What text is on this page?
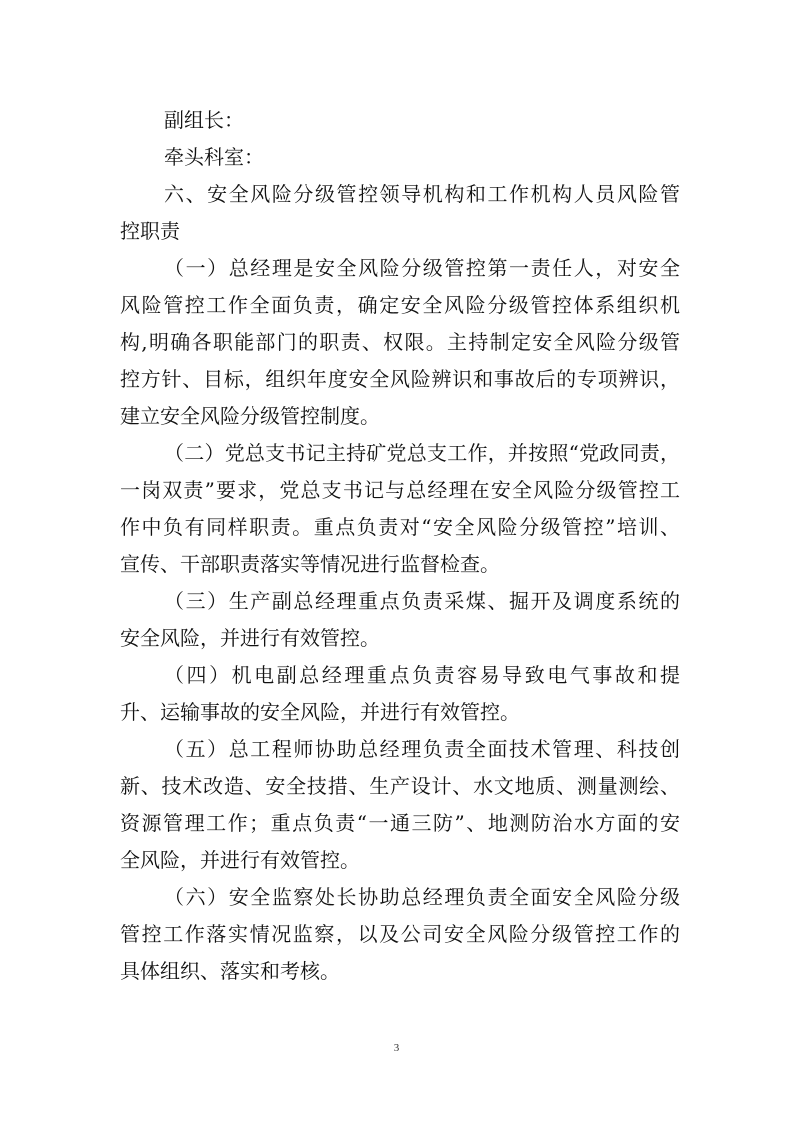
副组长：
牵头科室：
六、安全风险分级管控领导机构和工作机构人员风险管
控职责
（一）总经理是安全风险分级管控第一责任人，对安全
风险管控工作全面负责，确定安全风险分级管控体系组织机
构,明确各职能部门的职责、权限。主持制定安全风险分级管
控方针、目标，组织年度安全风险辨识和事故后的专项辨识，
建立安全风险分级管控制度。
（二）党总支书记主持矿党总支工作，并按照“党政同责，
一岗双责”要求，党总支书记与总经理在安全风险分级管控工
作中负有同样职责。重点负责对“安全风险分级管控”培训、
宣传、干部职责落实等情况进行监督检查。
（三）生产副总经理重点负责采煤、掘开及调度系统的
安全风险，并进行有效管控。
（四）机电副总经理重点负责容易导致电气事故和提
升、运输事故的安全风险，并进行有效管控。
（五）总工程师协助总经理负责全面技术管理、科技创
新、技术改造、安全技措、生产设计、水文地质、测量测绘、
资源管理工作；重点负责“一通三防”、地测防治水方面的安
全风险，并进行有效管控。
（六）安全监察处长协助总经理负责全面安全风险分级
管控工作落实情况监察，以及公司安全风险分级管控工作的
具体组织、落实和考核。
3
